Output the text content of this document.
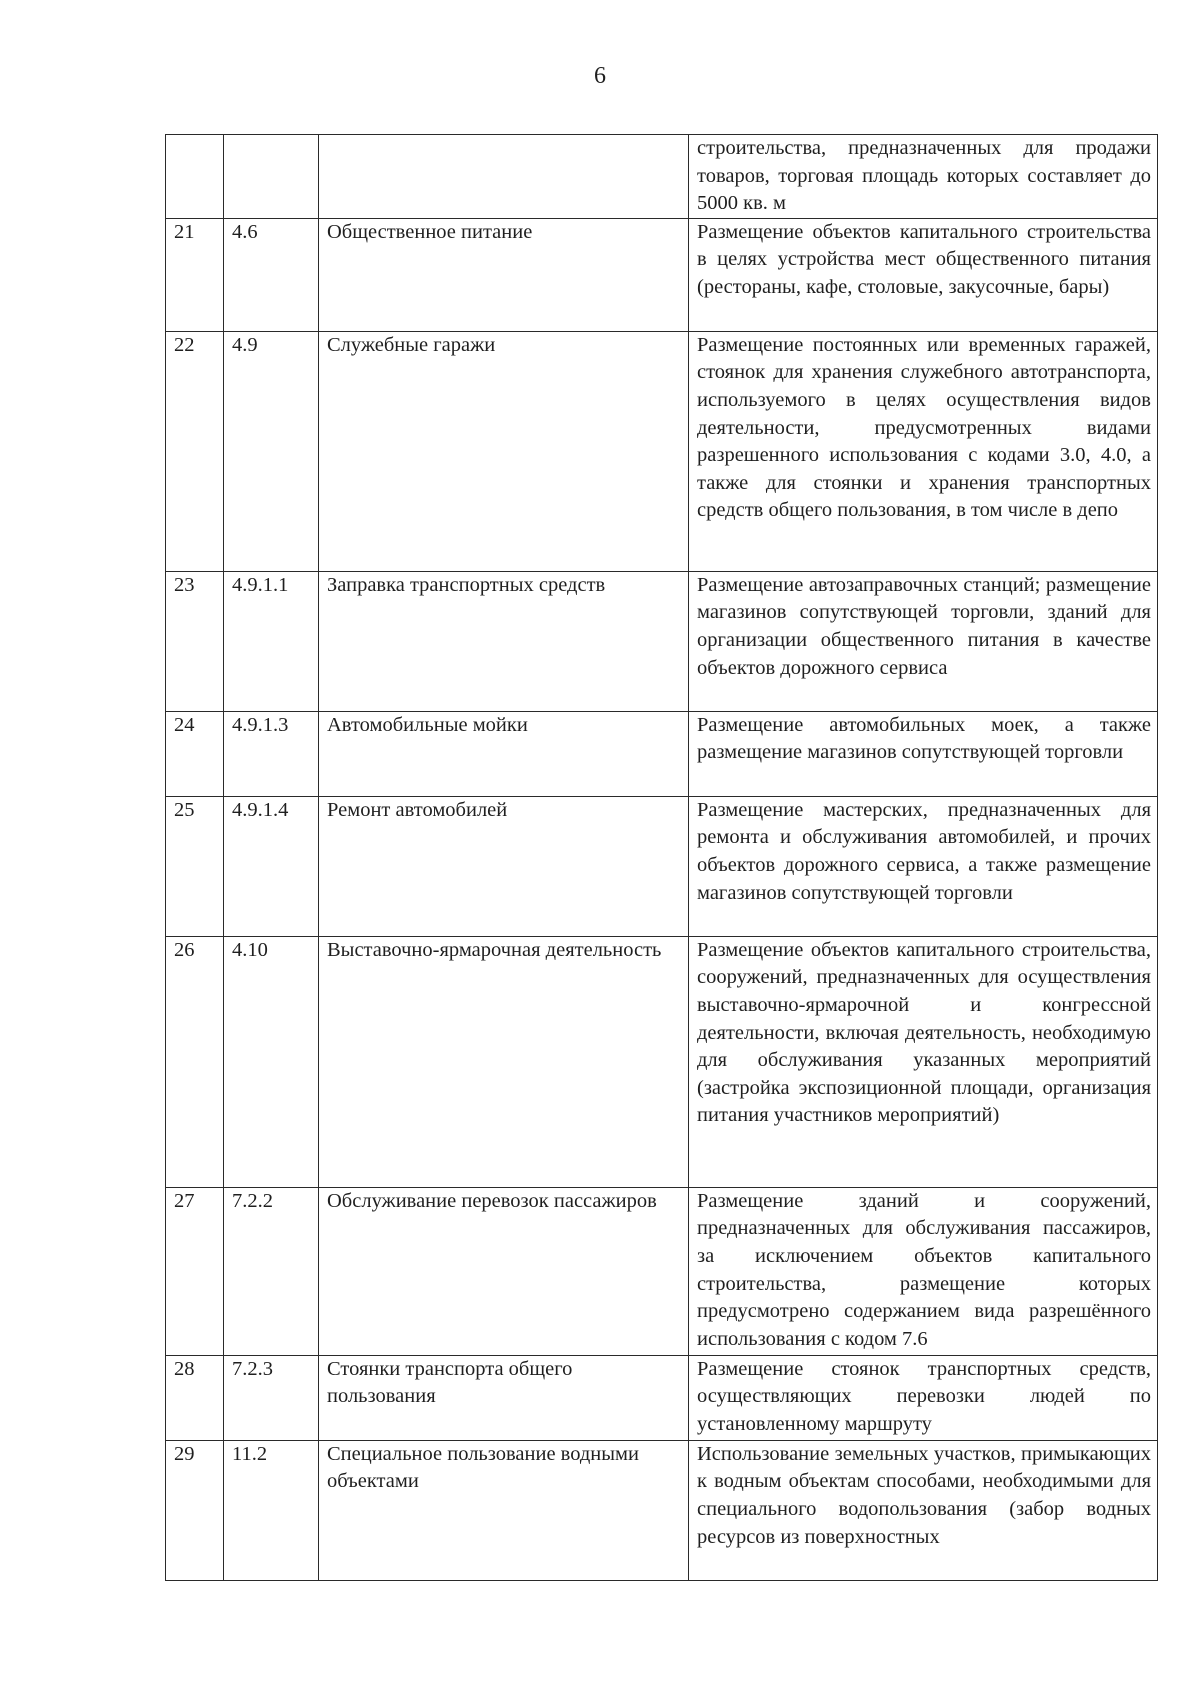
6
			строительства, предназначенных для продажи товаров, торговая площадь которых составляет до 5000 кв. м
21	4.6	Общественное питание	Размещение объектов капитального строительства в целях устройства мест общественного питания (рестораны, кафе, столовые, закусочные, бары)
22	4.9	Служебные гаражи	Размещение постоянных или временных гаражей, стоянок для хранения служебного автотранспорта, используемого в целях осуществления видов деятельности, предусмотренных видами разрешенного использования с кодами 3.0, 4.0, а также для стоянки и хранения транспортных средств общего пользования, в том числе в депо
23	4.9.1.1	Заправка транспортных средств	Размещение автозаправочных станций; размещение магазинов сопутствующей торговли, зданий для организации общественного питания в качестве объектов дорожного сервиса
24	4.9.1.3	Автомобильные мойки	Размещение автомобильных моек, а также размещение магазинов сопутствующей торговли
25	4.9.1.4	Ремонт автомобилей	Размещение мастерских, предназначенных для ремонта и обслуживания автомобилей, и прочих объектов дорожного сервиса, а также размещение магазинов сопутствующей торговли
26	4.10	Выставочно-ярмарочная деятельность	Размещение объектов капитального строительства, сооружений, предназначенных для осуществления выставочно-ярмарочной и конгрессной деятельности, включая деятельность, необходимую для обслуживания указанных мероприятий (застройка экспозиционной площади, организация питания участников мероприятий)
27	7.2.2	Обслуживание перевозок пассажиров	Размещение зданий и сооружений, предназначенных для обслуживания пассажиров, за исключением объектов капитального строительства, размещение которых предусмотрено содержанием вида разрешённого использования с кодом 7.6
28	7.2.3	Стоянки транспорта общего пользования	Размещение стоянок транспортных средств, осуществляющих перевозки людей по установленному маршруту
29	11.2	Специальное пользование водными объектами	Использование земельных участков, примыкающих к водным объектам способами, необходимыми для специального водопользования (забор водных ресурсов из поверхностных
